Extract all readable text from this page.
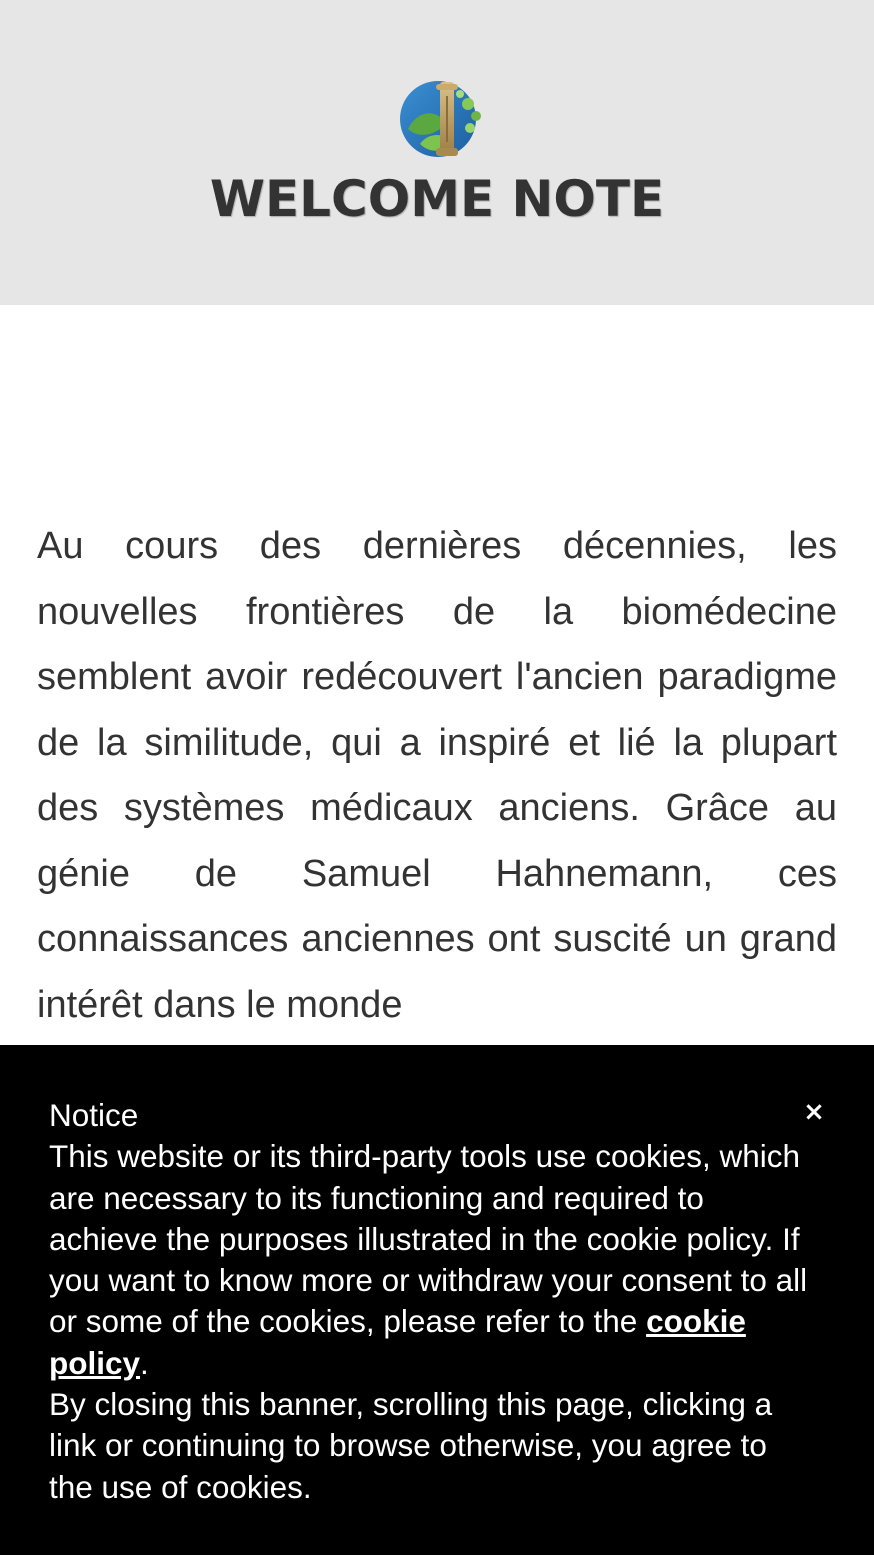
WELCOME NOTE

Au cours des dernières décennies, les nouvelles frontières de la biomédecine semblent avoir redécouvert l'ancien paradigme de la similitude, qui a inspiré et lié la plupart des systèmes médicaux anciens. Grâce au génie de Samuel Hahnemann, ces connaissances anciennes ont suscité un grand intérêt dans le monde

×

Notice

This website or its third-party tools use cookies, which are necessary to its functioning and required to achieve the purposes illustrated in the cookie policy. If you want to know more or withdraw your consent to all or some of the cookies, please refer to the cookie policy.

By closing this banner, scrolling this page, clicking a link or continuing to browse otherwise, you agree to the use of cookies.
